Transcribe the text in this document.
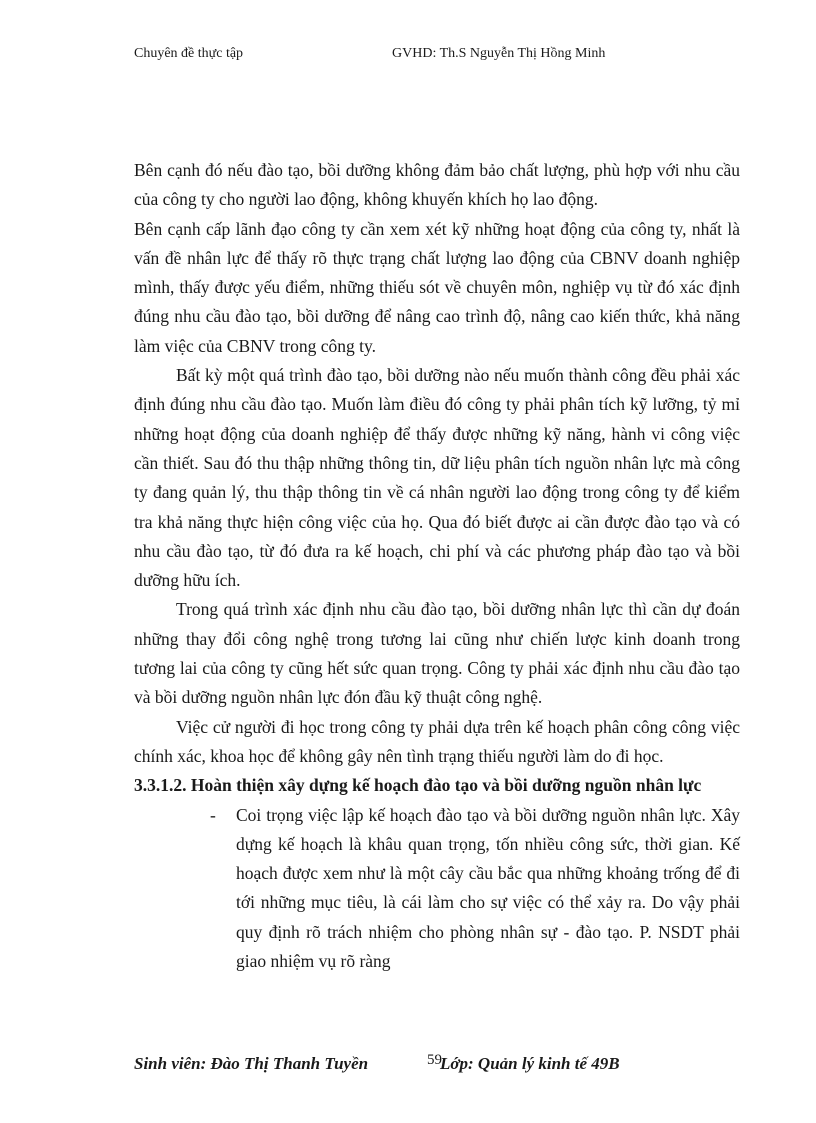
Chuyên đề thực tập	GVHD: Th.S Nguyễn Thị Hồng Minh

Bên cạnh đó nếu đào tạo, bồi dưỡng không đảm bảo chất lượng, phù hợp với nhu cầu của công ty cho người lao động, không khuyến khích họ lao động.

Bên cạnh cấp lãnh đạo công ty cần xem xét kỹ những hoạt động của công ty, nhất là vấn đề nhân lực để thấy rõ thực trạng chất lượng lao động của CBNV doanh nghiệp mình, thấy được yếu điểm, những thiếu sót về chuyên môn, nghiệp vụ từ đó xác định đúng nhu cầu đào tạo, bồi dưỡng để nâng cao trình độ, nâng cao kiến thức, khả năng làm việc của CBNV trong công ty.

Bất kỳ một quá trình đào tạo, bồi dưỡng nào nếu muốn thành công đều phải xác định đúng nhu cầu đào tạo. Muốn làm điều đó công ty phải phân tích kỹ lưỡng, tỷ mỉ những hoạt động của doanh nghiệp để thấy được những kỹ năng, hành vi công việc cần thiết. Sau đó thu thập những thông tin, dữ liệu phân tích nguồn nhân lực mà công ty đang quản lý, thu thập thông tin về cá nhân người lao động trong công ty để kiểm tra khả năng thực hiện công việc của họ. Qua đó biết được ai cần được đào tạo và có nhu cầu đào tạo, từ đó đưa ra kế hoạch, chi phí và các phương pháp đào tạo và bồi dưỡng hữu ích.

Trong quá trình xác định nhu cầu đào tạo, bồi dưỡng nhân lực thì cần dự đoán những thay đổi công nghệ trong tương lai cũng như chiến lược kinh doanh trong tương lai của công ty cũng hết sức quan trọng. Công ty phải xác định nhu cầu đào tạo và bồi dưỡng nguồn nhân lực đón đầu kỹ thuật công nghệ.

Việc cử người đi học trong công ty phải dựa trên kế hoạch phân công công việc chính xác, khoa học để không gây nên tình trạng thiếu người làm do đi học.

3.3.1.2. Hoàn thiện xây dựng kế hoạch đào tạo và bồi dưỡng nguồn nhân lực
- Coi trọng việc lập kế hoạch đào tạo và bồi dưỡng nguồn nhân lực. Xây dựng kế hoạch là khâu quan trọng, tốn nhiều công sức, thời gian. Kế hoạch được xem như là một cây cầu bắc qua những khoảng trống để đi tới những mục tiêu, là cái làm cho sự việc có thể xảy ra. Do vậy phải quy định rõ trách nhiệm cho phòng nhân sự - đào tạo. P. NSDT phải giao nhiệm vụ rõ ràng
Sinh viên: Đào Thị Thanh Tuyền	59
Lớp: Quản lý kinh tế 49B
